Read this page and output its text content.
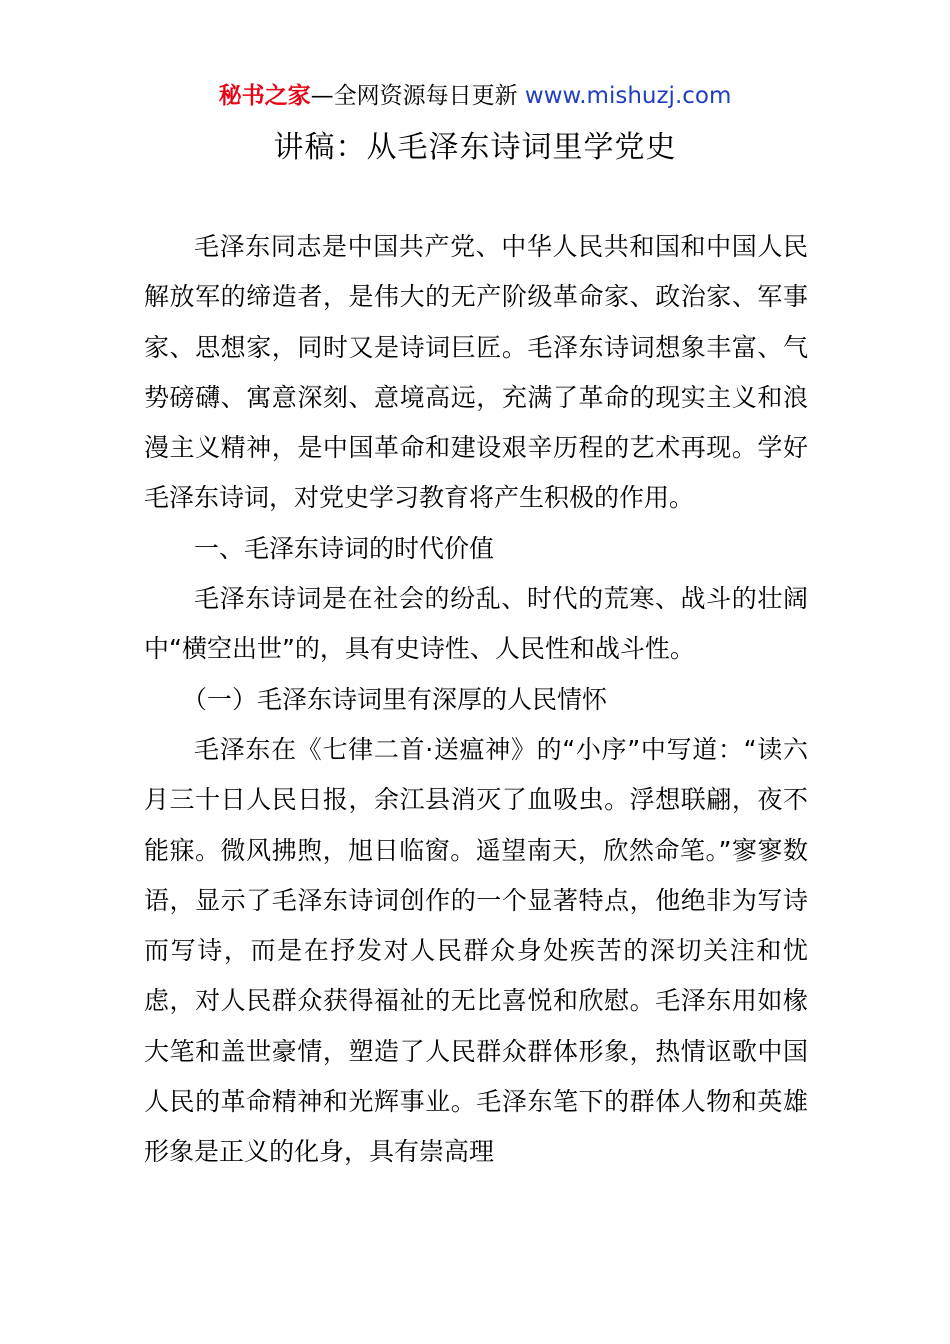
秘书之家—全网资源每日更新 www.mishuzj.com
讲稿：从毛泽东诗词里学党史

毛泽东同志是中国共产党、中华人民共和国和中国人民解放军的缔造者，是伟大的无产阶级革命家、政治家、军事家、思想家，同时又是诗词巨匠。毛泽东诗词想象丰富、气势磅礴、寓意深刻、意境高远，充满了革命的现实主义和浪漫主义精神，是中国革命和建设艰辛历程的艺术再现。学好毛泽东诗词，对党史学习教育将产生积极的作用。

一、毛泽东诗词的时代价值

毛泽东诗词是在社会的纷乱、时代的荒寒、战斗的壮阔中“横空出世”的，具有史诗性、人民性和战斗性。

（一）毛泽东诗词里有深厚的人民情怀

毛泽东在《七律二首·送瘟神》的“小序”中写道：“读六月三十日人民日报，余江县消灭了血吸虫。浮想联翩，夜不能寐。微风拂煦，旭日临窗。遥望南天，欣然命笔。”寥寥数语，显示了毛泽东诗词创作的一个显著特点，他绝非为写诗而写诗，而是在抒发对人民群众身处疾苦的深切关注和忧虑，对人民群众获得福祉的无比喜悦和欣慰。毛泽东用如椽大笔和盖世豪情，塑造了人民群众群体形象，热情讴歌中国人民的革命精神和光辉事业。毛泽东笔下的群体人物和英雄形象是正义的化身，具有崇高理
